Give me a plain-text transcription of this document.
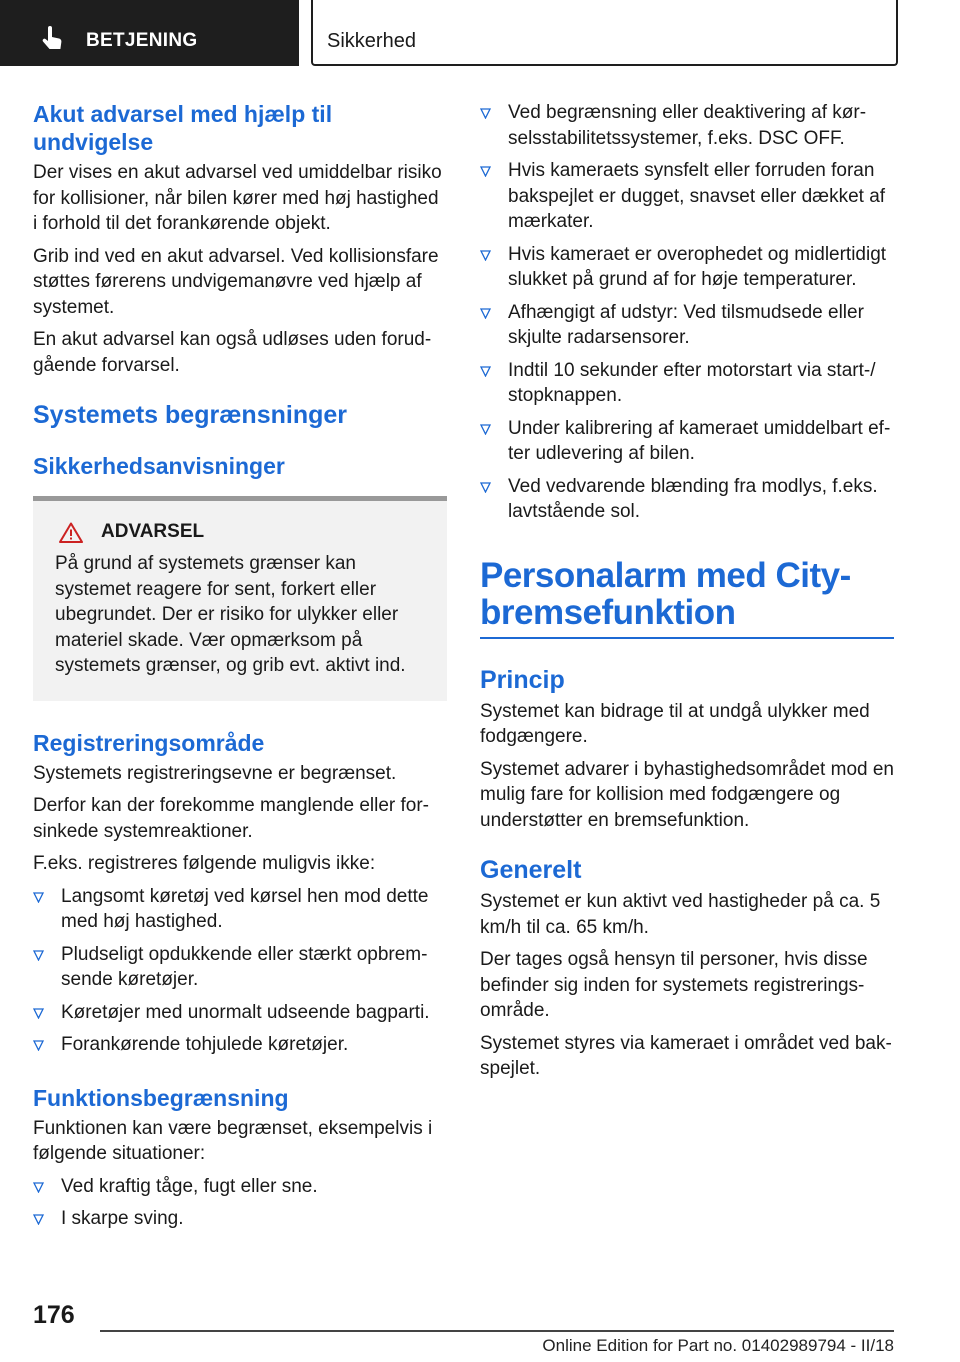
BETJENING	Sikkerhed
Akut advarsel med hjælp til undvigelse
Der vises en akut advarsel ved umiddelbar risiko for kollisioner, når bilen kører med høj hastighed i forhold til det forankørende objekt.
Grib ind ved en akut advarsel. Ved kollisionsfare støttes førerens undvigemanøvre ved hjælp af systemet.
En akut advarsel kan også udløses uden forud-gående forvarsel.
Systemets begrænsninger
Sikkerhedsanvisninger
ADVARSEL
På grund af systemets grænser kan systemet reagere for sent, forkert eller ubegrundet. Der er risiko for ulykker eller materiel skade. Vær opmærksom på systemets grænser, og grib evt. aktivt ind.
Registreringsområde
Systemets registreringsevne er begrænset.
Derfor kan der forekomme manglende eller for-sinkede systemreaktioner.
F.eks. registreres følgende muligvis ikke:
Langsomt køretøj ved kørsel hen mod dette med høj hastighed.
Pludseligt opdukkende eller stærkt opbrem-sende køretøjer.
Køretøjer med unormalt udseende bagparti.
Forankørende tohjulede køretøjer.
Funktionsbegrænsning
Funktionen kan være begrænset, eksempelvis i følgende situationer:
Ved kraftig tåge, fugt eller sne.
I skarpe sving.
Ved begrænsning eller deaktivering af kør-selsstabilitetssystemer, f.eks. DSC OFF.
Hvis kameraets synsfelt eller forruden foran bakspejlet er dugget, snavset eller dækket af mærkater.
Hvis kameraet er overophedet og midlertidigt slukket på grund af for høje temperaturer.
Afhængigt af udstyr: Ved tilsmudsede eller skjulte radarsensorer.
Indtil 10 sekunder efter motorstart via start-/ stopknappen.
Under kalibrering af kameraet umiddelbart ef-ter udlevering af bilen.
Ved vedvarende blænding fra modlys, f.eks. lavtstående sol.
Personalarm med City-bremsefunktion
Princip
Systemet kan bidrage til at undgå ulykker med fodgængere.
Systemet advarer i byhastighedsområdet mod en mulig fare for kollision med fodgængere og understøtter en bremsefunktion.
Generelt
Systemet er kun aktivt ved hastigheder på ca. 5 km/h til ca. 65 km/h.
Der tages også hensyn til personer, hvis disse befinder sig inden for systemets registrerings-område.
Systemet styres via kameraet i området ved bak-spejlet.
176
Online Edition for Part no. 01402989794 - II/18
